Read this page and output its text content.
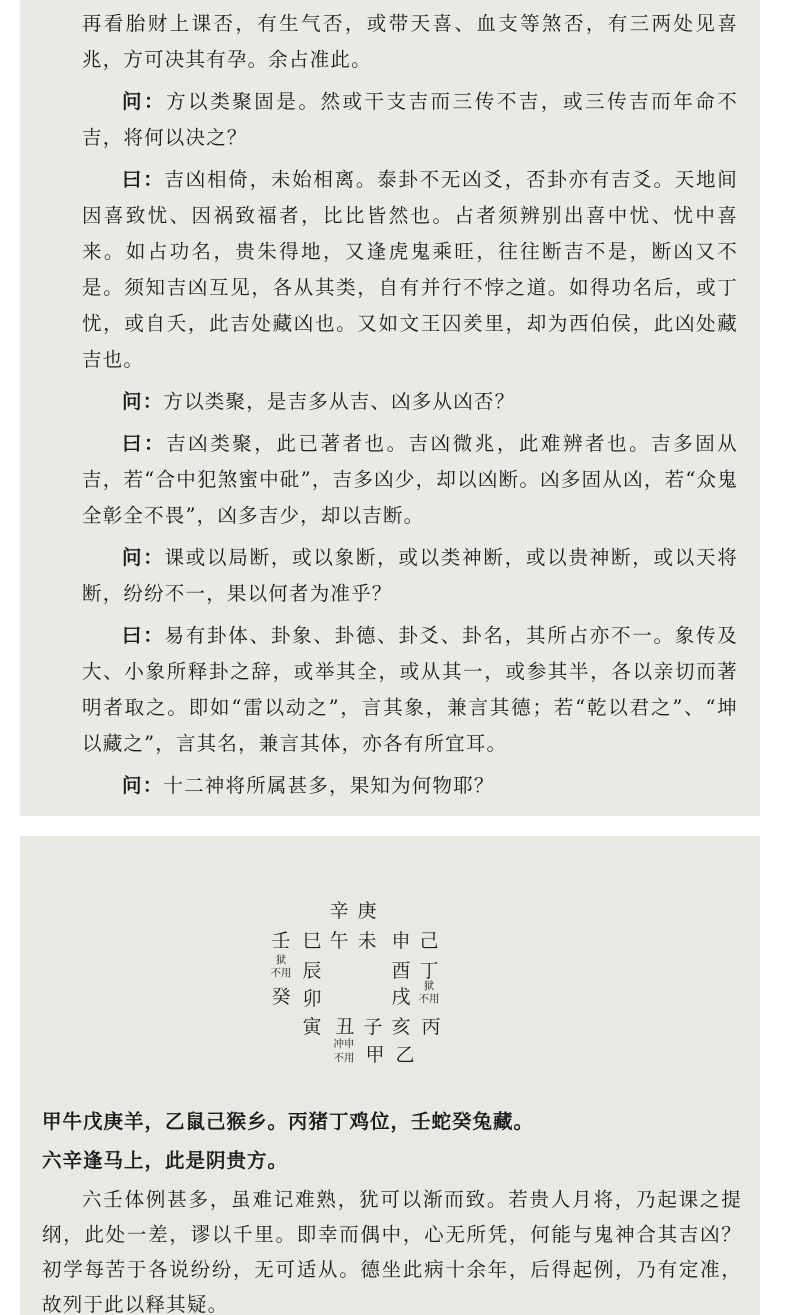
再看胎财上课否，有生气否，或带天喜、血支等煞否，有三两处见喜兆，方可决其有孕。余占准此。

问：方以类聚固是。然或干支吉而三传不吉，或三传吉而年命不吉，将何以决之？

曰：吉凶相倚，未始相离。泰卦不无凶爻，否卦亦有吉爻。天地间因喜致忧、因祸致福者，比比皆然也。占者须辨别出喜中忧、忧中喜来。如占功名，贵朱得地，又逢虎鬼乘旺，往往断吉不是，断凶又不是。须知吉凶互见，各从其类，自有并行不悖之道。如得功名后，或丁忧，或自夭，此吉处藏凶也。又如文王囚羑里，却为西伯侯，此凶处藏吉也。

问：方以类聚，是吉多从吉、凶多从凶否？

曰：吉凶类聚，此已著者也。吉凶微兆，此难辨者也。吉多固从吉，若“合中犯煞蜜中砒”，吉多凶少，却以凶断。凶多固从凶，若“众鬼全彰全不畏”，凶多吉少，却以吉断。

问：课或以局断，或以象断，或以类神断，或以贵神断，或以天将断，纷纷不一，果以何者为准乎？

曰：易有卦体、卦象、卦德、卦爻、卦名，其所占亦不一。象传及大、小象所释卦之辞，或举其全，或从其一，或参其半，各以亲切而著明者取之。即如“雷以动之”，言其象，兼言其德；若“乾以君之”、“坤以藏之”，言其名，兼言其体，亦各有所宜耳。

问：十二神将所属甚多，果知为何物耶？

辛 庚
壬 巳 午 未 申 己
狱
不用 辰	酉 丁
狱
不用
癸 卯	戌
寅 丑 子 亥 丙
冲申
不用 甲 乙

甲牛戊庚羊，乙鼠己猴乡。丙猪丁鸡位，壬蛇癸兔藏。

六辛逢马上，此是阴贵方。

六壬体例甚多，虽难记难熟，犹可以渐而致。若贵人月将，乃起课之提纲，此处一差，谬以千里。即幸而偶中，心无所凭，何能与鬼神合其吉凶？初学每苦于各说纷纷，无可适从。德坐此病十余年，后得起例，乃有定准，故列于此以释其疑。
